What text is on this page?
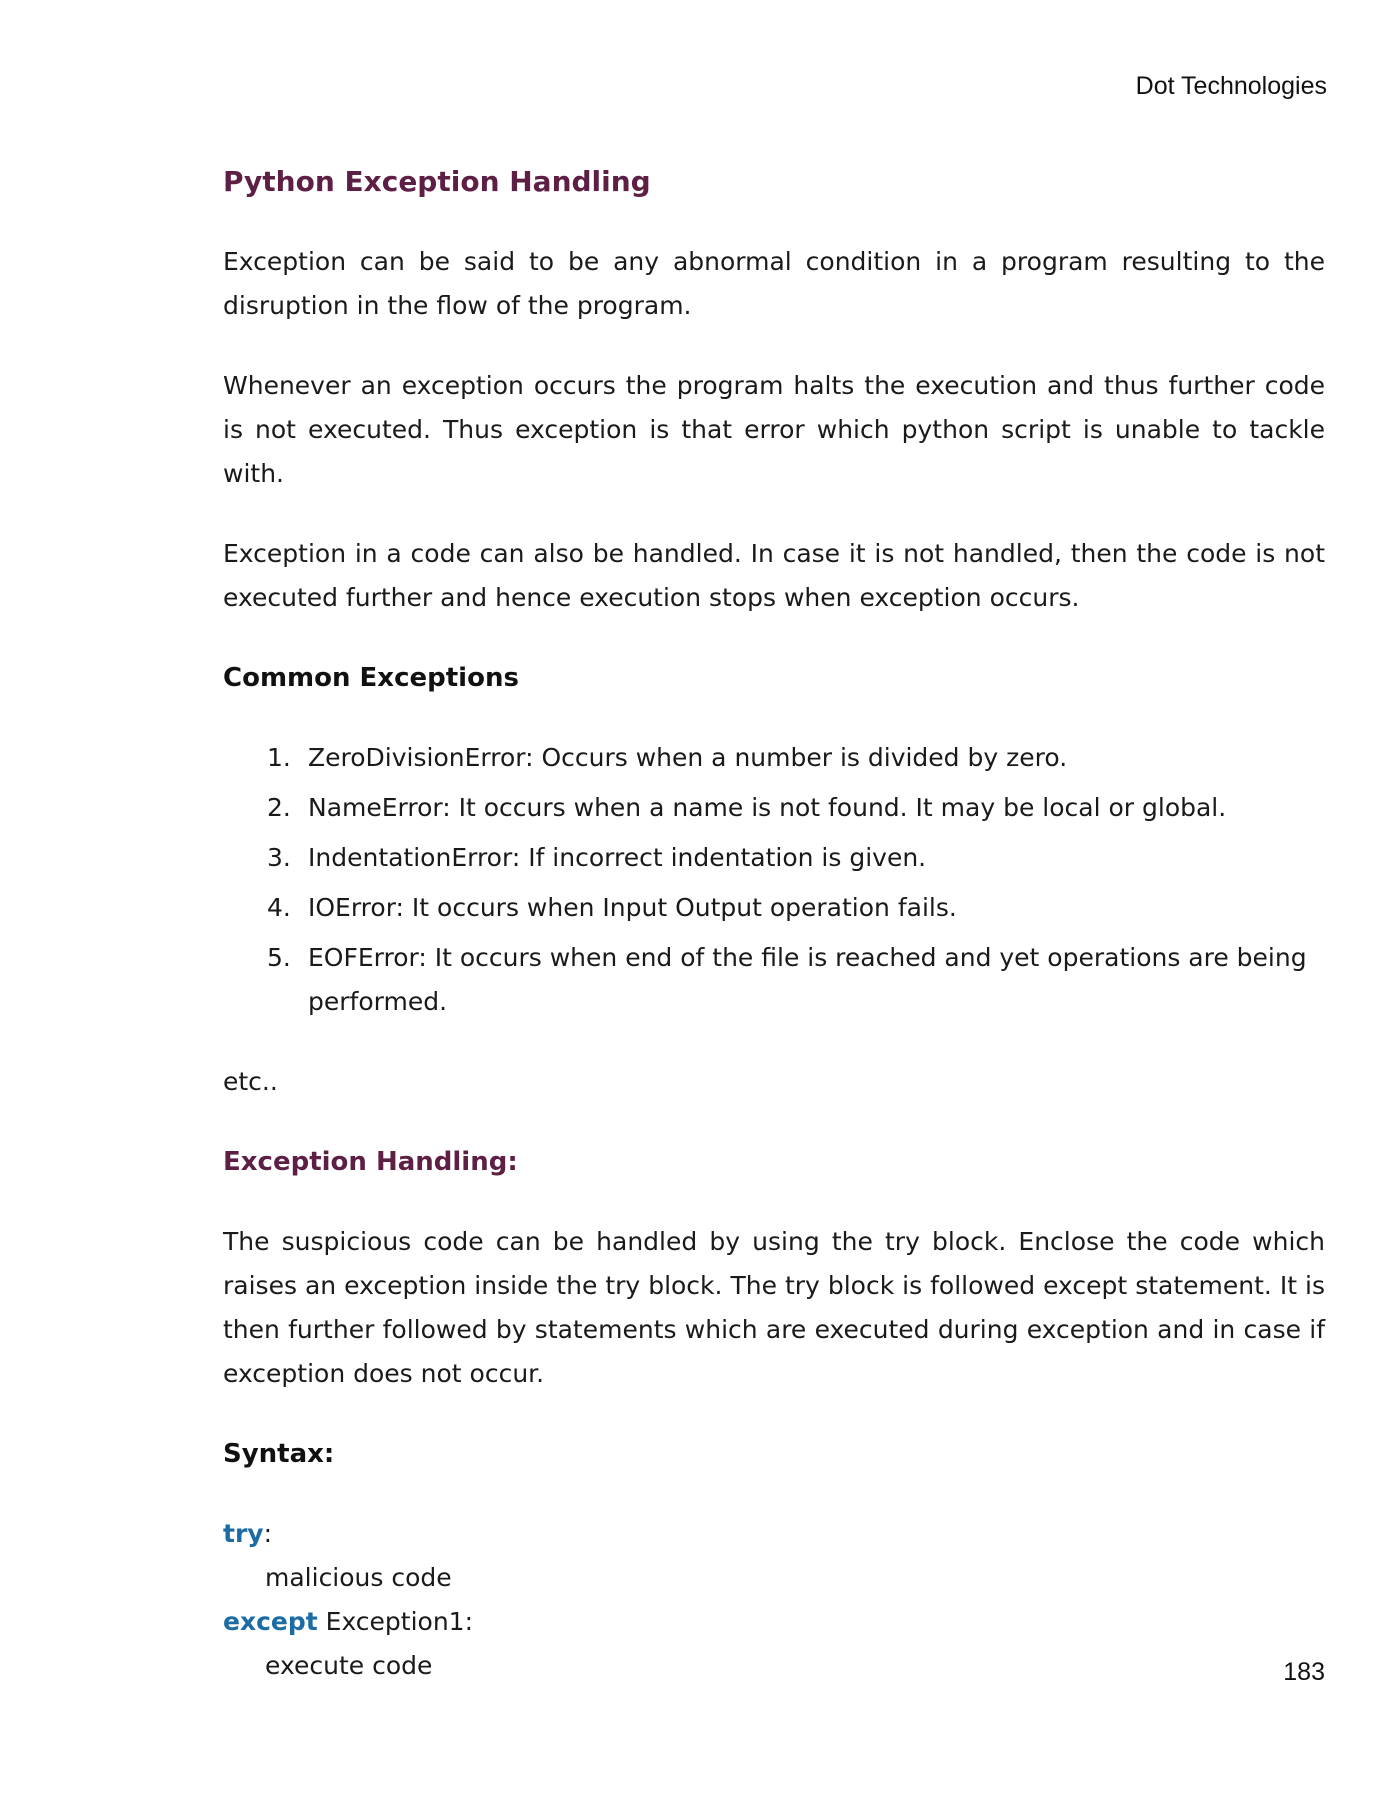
Dot Technologies
Python Exception Handling

Exception can be said to be any abnormal condition in a program resulting to the disruption in the flow of the program.

Whenever an exception occurs the program halts the execution and thus further code is not executed. Thus exception is that error which python script is unable to tackle with.

Exception in a code can also be handled. In case it is not handled, then the code is not executed further and hence execution stops when exception occurs.

Common Exceptions
1. ZeroDivisionError: Occurs when a number is divided by zero.
2. NameError: It occurs when a name is not found. It may be local or global.
3. IndentationError: If incorrect indentation is given.
4. IOError: It occurs when Input Output operation fails.
5. EOFError: It occurs when end of the file is reached and yet operations are being performed.

etc..

Exception Handling:

The suspicious code can be handled by using the try block. Enclose the code which raises an exception inside the try block. The try block is followed except statement. It is then further followed by statements which are executed during exception and in case if exception does not occur.

Syntax:
try:
malicious code
except Exception1:
execute code	183
